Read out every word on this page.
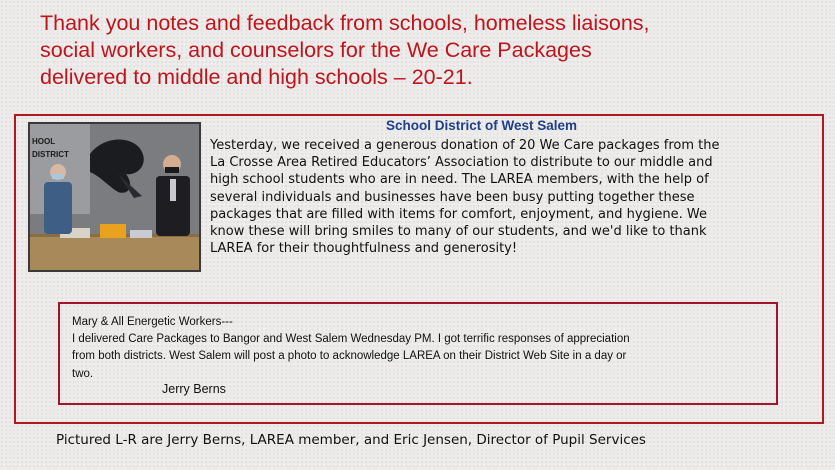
Thank you notes and feedback from schools, homeless liaisons,
social workers, and counselors for the We Care Packages
delivered to middle and high schools – 20-21.
HOOL
DISTRICT
School District of West Salem
Yesterday, we received a generous donation of 20 We Care packages from the
La Crosse Area Retired Educators’ Association to distribute to our middle and
high school students who are in need. The LAREA members, with the help of
several individuals and businesses have been busy putting together these
packages that are filled with items for comfort, enjoyment, and hygiene. We
know these will bring smiles to many of our students, and we'd like to thank
LAREA for their thoughtfulness and generosity!
Mary & All Energetic Workers---
I delivered Care Packages to Bangor and West Salem Wednesday PM. I got terrific responses of appreciation
from both districts. West Salem will post a photo to acknowledge LAREA on their District Web Site in a day or
two.
Jerry Berns
Pictured L-R are Jerry Berns, LAREA member, and Eric Jensen, Director of Pupil Services
